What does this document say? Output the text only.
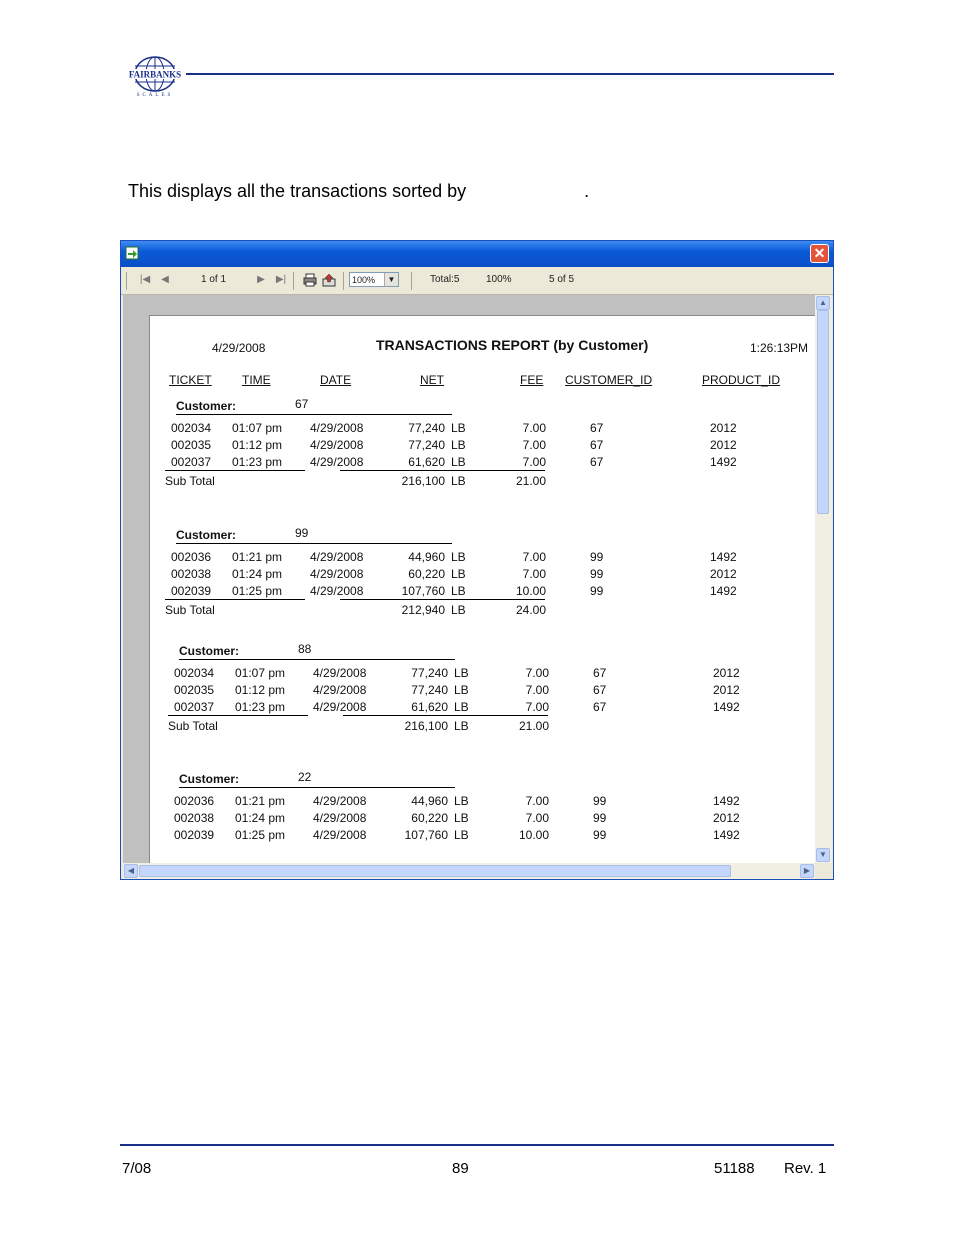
FAIRBANKS
SCALES
This displays all the transactions sorted by	.
✕
|◀ ◀	1 of 1	▶ ▶|	100%	▼	Total:5	100%	5 of 5
4/29/2008	TRANSACTIONS REPORT (by Customer)	1:26:13PM
TICKET	TIME	DATE	NET	FEE CUSTOMER_ID	PRODUCT_ID
Customer:	67
002034 01:07 pm 4/29/2008	77,240 LB	7.00	67	2012
002035 01:12 pm 4/29/2008	77,240 LB	7.00	67	2012
002037 01:23 pm 4/29/2008	61,620 LB	7.00	67	1492
Sub Total	216,100 LB	21.00
Customer:	99
002036 01:21 pm 4/29/2008	44,960 LB	7.00	99	1492
002038 01:24 pm 4/29/2008	60,220 LB	7.00	99	2012
002039 01:25 pm 4/29/2008	107,760 LB	10.00	99	1492
Sub Total	212,940 LB	24.00
Customer:	88
002034 01:07 pm 4/29/2008	77,240 LB	7.00	67	2012
002035 01:12 pm 4/29/2008	77,240 LB	7.00	67	2012
002037 01:23 pm 4/29/2008	61,620 LB	7.00	67	1492
Sub Total	216,100 LB	21.00
Customer:	22
002036 01:21 pm 4/29/2008	44,960 LB	7.00	99	1492
002038 01:24 pm 4/29/2008	60,220 LB	7.00	99	2012
002039 01:25 pm 4/29/2008	107,760 LB	10.00	99	1492
▲
▼
◀	▶
7/08	89	51188 Rev. 1
